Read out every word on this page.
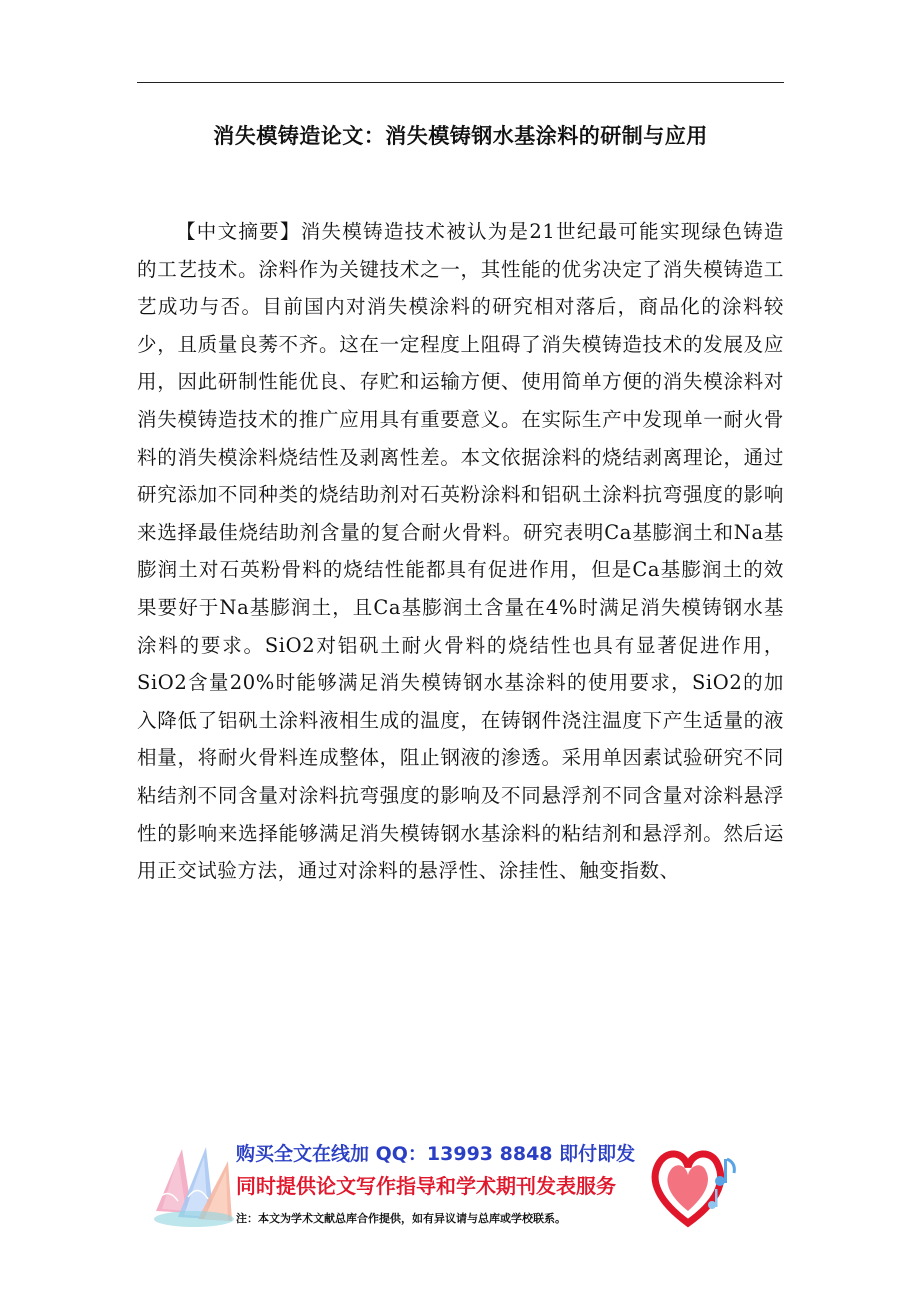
消失模铸造论文：消失模铸钢水基涂料的研制与应用
【中文摘要】消失模铸造技术被认为是21世纪最可能实现绿色铸造的工艺技术。涂料作为关键技术之一，其性能的优劣决定了消失模铸造工艺成功与否。目前国内对消失模涂料的研究相对落后，商品化的涂料较少，且质量良莠不齐。这在一定程度上阻碍了消失模铸造技术的发展及应用，因此研制性能优良、存贮和运输方便、使用简单方便的消失模涂料对消失模铸造技术的推广应用具有重要意义。在实际生产中发现单一耐火骨料的消失模涂料烧结性及剥离性差。本文依据涂料的烧结剥离理论，通过研究添加不同种类的烧结助剂对石英粉涂料和铝矾土涂料抗弯强度的影响来选择最佳烧结助剂含量的复合耐火骨料。研究表明Ca基膨润土和Na基膨润土对石英粉骨料的烧结性能都具有促进作用，但是Ca基膨润土的效果要好于Na基膨润土，且Ca基膨润土含量在4%时满足消失模铸钢水基涂料的要求。SiO2对铝矾土耐火骨料的烧结性也具有显著促进作用，SiO2含量20%时能够满足消失模铸钢水基涂料的使用要求，SiO2的加入降低了铝矾土涂料液相生成的温度，在铸钢件浇注温度下产生适量的液相量，将耐火骨料连成整体，阻止钢液的渗透。采用单因素试验研究不同粘结剂不同含量对涂料抗弯强度的影响及不同悬浮剂不同含量对涂料悬浮性的影响来选择能够满足消失模铸钢水基涂料的粘结剂和悬浮剂。然后运用正交试验方法，通过对涂料的悬浮性、涂挂性、触变指数、
购买全文在线加 QQ：13993 8848 即付即发
同时提供论文写作指导和学术期刊发表服务
注：本文为学术文献总库合作提供，如有异议请与总库或学校联系。
